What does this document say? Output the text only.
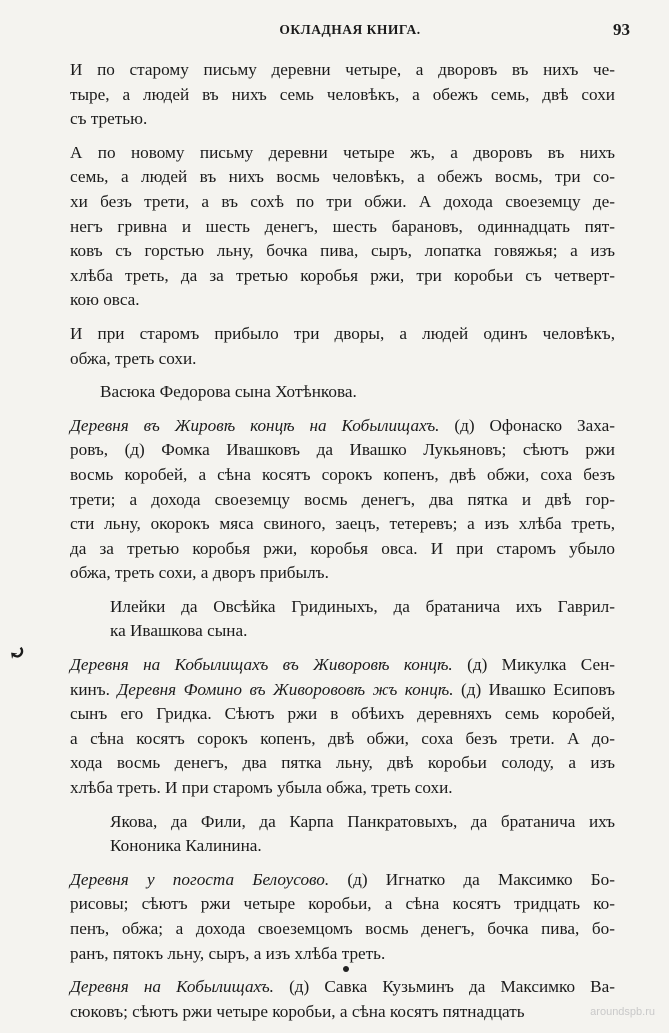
ОКЛАДНАЯ КНИГА.	93

И по старому письму деревни четыре, а дворовъ въ нихъ че-
тыре, а людей въ нихъ семь человѣкъ, а обежъ семь, двѣ сохи
съ третью.

А по новому письму деревни четыре жъ, а дворовъ въ нихъ
семь, а людей въ нихъ восмь человѣкъ, а обежъ восмь, три со-
хи безъ трети, а въ сохѣ по три обжи. А дохода своеземцу де-
негъ гривна и шесть денегъ, шесть барановъ, одиннадцать пят-
ковъ съ горстью льну, бочка пива, сыръ, лопатка говяжья; а изъ
хлѣба треть, да за третью коробья ржи, три коробьи съ четверт-
кою овса.

И при старомъ прибыло три дворы, а людей одинъ человѣкъ,
обжа, треть сохи.

Васюка Федорова сына Хотѣнкова.

Деревня въ Жировѣ концѣ на Кобылищахъ. (д) Офонаско Заха-
ровъ, (д) Фомка Ивашковъ да Ивашко Лукьяновъ; сѣютъ ржи
восмь коробей, а сѣна косятъ сорокъ копенъ, двѣ обжи, соха безъ
трети; а дохода своеземцу восмь денегъ, два пятка и двѣ гор-
сти льну, окорокъ мяса свиного, заецъ, тетеревъ; а изъ хлѣба треть,
да за третью коробья ржи, коробья овса. И при старомъ убыло
обжа, треть сохи, а дворъ прибылъ.

Илейки да Овсѣйка Гридиныхъ, да братанича ихъ Гаврил-
ка Ивашкова сына.

Деревня на Кобылищахъ въ Живоровѣ концѣ. (д) Микулка Сен-
кинъ. Деревня Фомино въ Живорововѣ жъ концѣ. (д) Ивашко Есиповъ
сынъ его Гридка. Сѣютъ ржи в обѣихъ деревняхъ семь коробей,
а сѣна косятъ сорокъ копенъ, двѣ обжи, соха безъ трети. А до-
хода восмь денегъ, два пятка льну, двѣ коробьи солоду, а изъ
хлѣба треть. И при старомъ убыла обжа, треть сохи.

Якова, да Фили, да Карпа Панкратовыхъ, да братанича ихъ
Кононика Калинина.

Деревня у погоста Белоусово. (д) Игнатко да Максимко Бо-
рисовы; сѣютъ ржи четыре коробьи, а сѣна косятъ тридцать ко-
пенъ, обжа; а дохода своеземцомъ восмь денегъ, бочка пива, бо-
ранъ, пятокъ льну, сыръ, а изъ хлѣба треть.

Деревня на Кобылищахъ. (д) Савка Кузьминъ да Максимко Ва-
сюковъ; сѣютъ ржи четыре коробьи, а сѣна косятъ пятнадцать

⤾
aroundspb.ru
